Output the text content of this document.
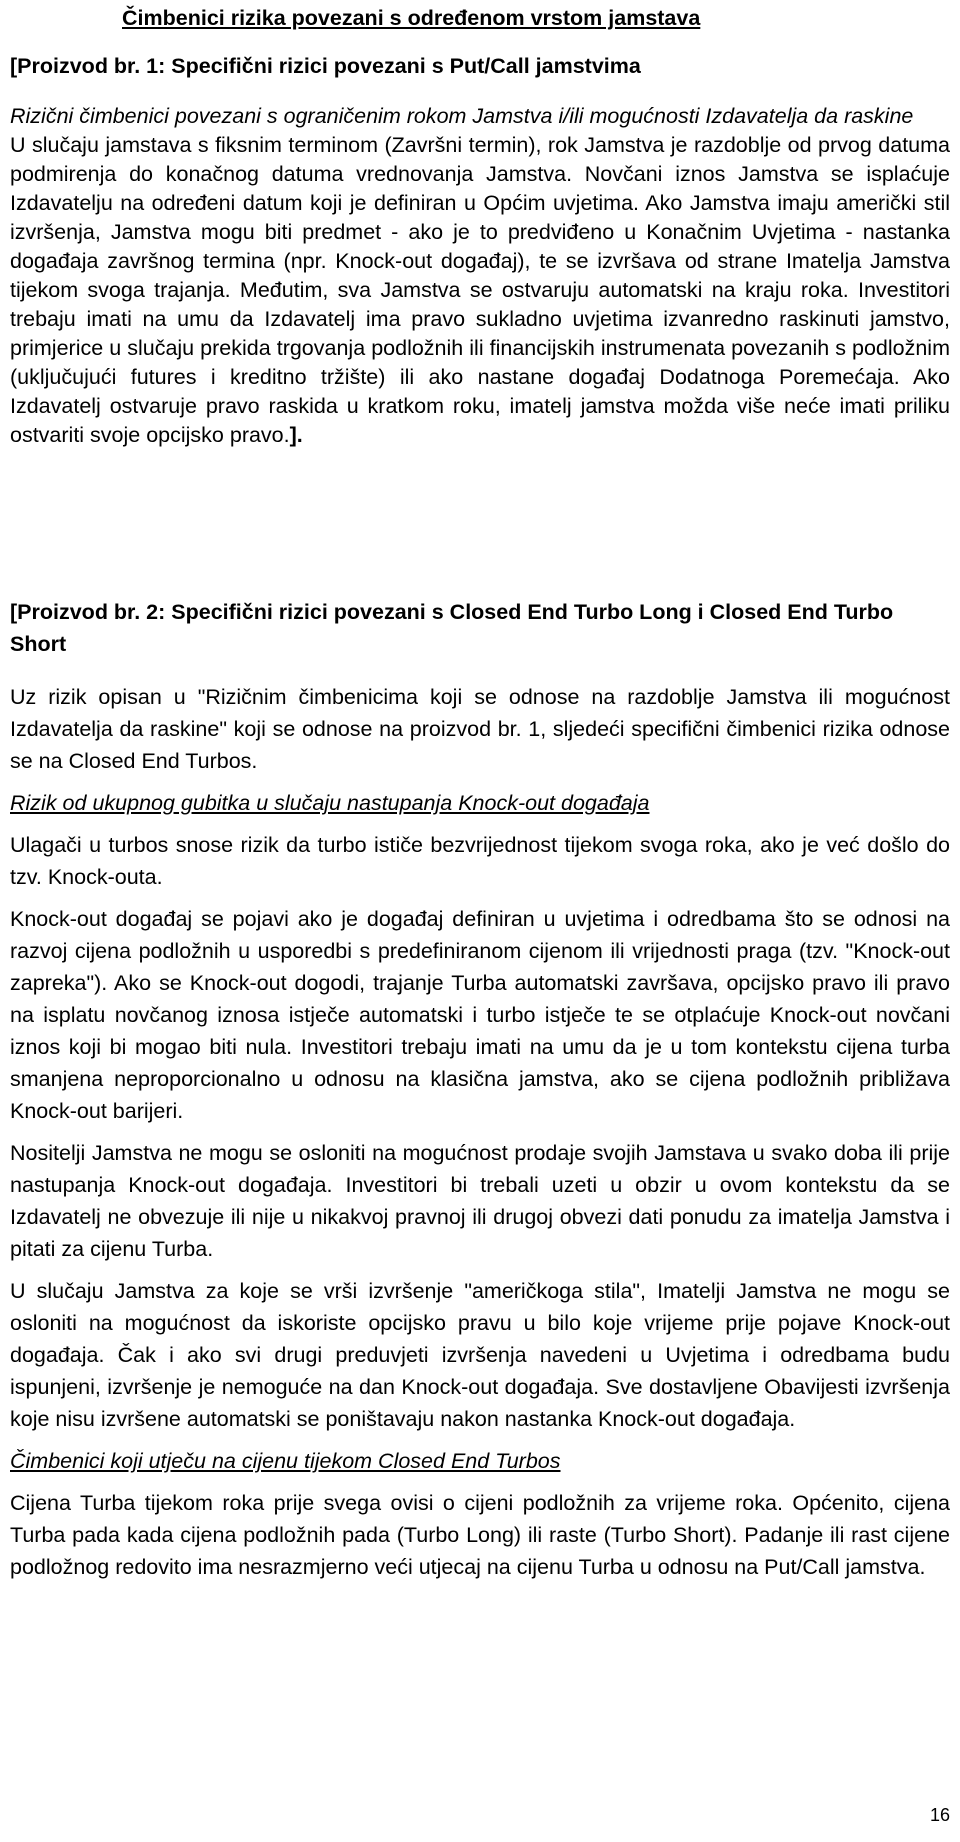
Čimbenici rizika povezani s određenom vrstom jamstava

[Proizvod br. 1: Specifični rizici povezani s Put/Call jamstvima

Rizični čimbenici povezani s ograničenim rokom Jamstva i/ili mogućnosti Izdavatelja da raskine

U slučaju jamstava s fiksnim terminom (Završni termin), rok Jamstva je razdoblje od prvog datuma podmirenja do konačnog datuma vrednovanja Jamstva. Novčani iznos Jamstva se isplaćuje Izdavatelju na određeni datum koji je definiran u Općim uvjetima. Ako Jamstva imaju američki stil izvršenja, Jamstva mogu biti predmet - ako je to predviđeno u Konačnim Uvjetima - nastanka događaja završnog termina (npr. Knock-out događaj), te se izvršava od strane Imatelja Jamstva tijekom svoga trajanja. Međutim, sva Jamstva se ostvaruju automatski na kraju roka. Investitori trebaju imati na umu da Izdavatelj ima pravo sukladno uvjetima izvanredno raskinuti jamstvo, primjerice u slučaju prekida trgovanja podložnih ili financijskih instrumenata povezanih s podložnim (uključujući futures i kreditno tržište) ili ako nastane događaj Dodatnoga Poremećaja. Ako Izdavatelj ostvaruje pravo raskida u kratkom roku, imatelj jamstva možda više neće imati priliku ostvariti svoje opcijsko pravo.].

[Proizvod br. 2: Specifični rizici povezani s Closed End Turbo Long i Closed End Turbo Short

Uz rizik opisan u "Rizičnim čimbenicima koji se odnose na razdoblje Jamstva ili mogućnost Izdavatelja da raskine" koji se odnose na proizvod br. 1, sljedeći specifični čimbenici rizika odnose se na Closed End Turbos.

Rizik od ukupnog gubitka u slučaju nastupanja Knock-out događaja

Ulagači u turbos snose rizik da turbo ističe bezvrijednost tijekom svoga roka, ako je već došlo do tzv. Knock-outa.

Knock-out događaj se pojavi ako je događaj definiran u uvjetima i odredbama što se odnosi na razvoj cijena podložnih u usporedbi s predefiniranom cijenom ili vrijednosti praga (tzv. "Knock-out zapreka"). Ako se Knock-out dogodi, trajanje Turba automatski završava, opcijsko pravo ili pravo na isplatu novčanog iznosa istječe automatski i turbo istječe te se otplaćuje Knock-out novčani iznos koji bi mogao biti nula. Investitori trebaju imati na umu da je u tom kontekstu cijena turba smanjena neproporcionalno u odnosu na klasična jamstva, ako se cijena podložnih približava Knock-out barijeri.

Nositelji Jamstva ne mogu se osloniti na mogućnost prodaje svojih Jamstava u svako doba ili prije nastupanja Knock-out događaja. Investitori bi trebali uzeti u obzir u ovom kontekstu da se Izdavatelj ne obvezuje ili nije u nikakvoj pravnoj ili drugoj obvezi dati ponudu za imatelja Jamstva i pitati za cijenu Turba.

U slučaju Jamstva za koje se vrši izvršenje "američkoga stila", Imatelji Jamstva ne mogu se osloniti na mogućnost da iskoriste opcijsko pravu u bilo koje vrijeme prije pojave Knock-out događaja. Čak i ako svi drugi preduvjeti izvršenja navedeni u Uvjetima i odredbama budu ispunjeni, izvršenje je nemoguće na dan Knock-out događaja. Sve dostavljene Obavijesti izvršenja koje nisu izvršene automatski se poništavaju nakon nastanka Knock-out događaja.

Čimbenici koji utječu na cijenu tijekom Closed End Turbos

Cijena Turba tijekom roka prije svega ovisi o cijeni podložnih za vrijeme roka. Općenito, cijena Turba pada kada cijena podložnih pada (Turbo Long) ili raste (Turbo Short). Padanje ili rast cijene podložnog redovito ima nesrazmjerno veći utjecaj na cijenu Turba u odnosu na Put/Call jamstva.

16
